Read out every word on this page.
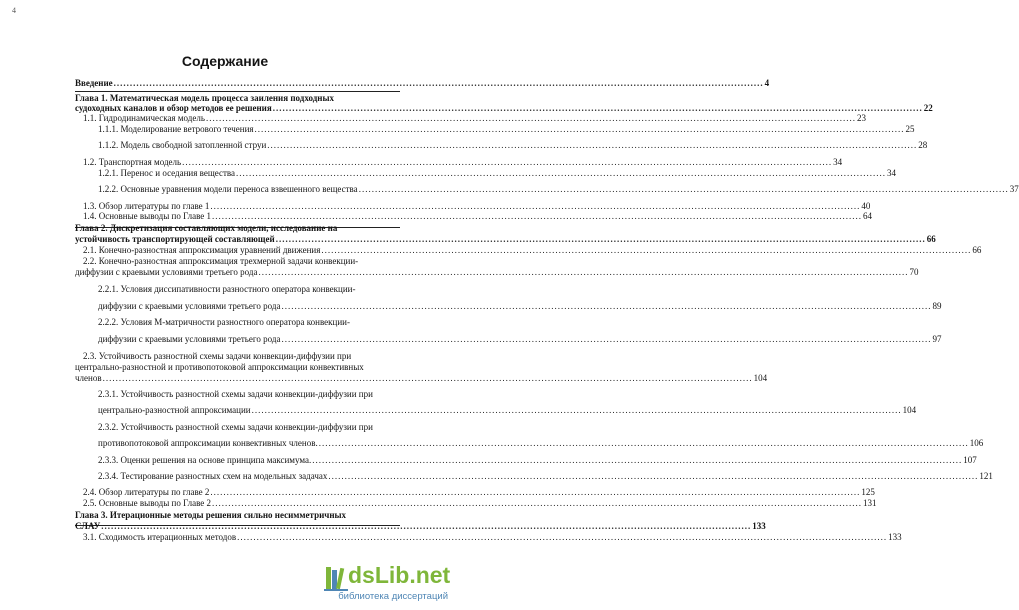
4
Содержание
Введение ........................................................................................................................................................................................................ 4
Глава 1. Математическая модель процесса заиления подходных
судоходных каналов и обзор методов ее решения ........................................................................................................................................................................................................ 22
1.1. Гидродинамическая модель ........................................................................................................................................................................................................ 23
1.1.1. Моделирование ветрового течения ........................................................................................................................................................................................................ 25
1.1.2. Модель свободной затопленной струи ........................................................................................................................................................................................................ 28
1.2. Транспортная модель ........................................................................................................................................................................................................ 34
1.2.1. Перенос и оседания вещества ........................................................................................................................................................................................................ 34
1.2.2. Основные уравнения модели переноса взвешенного вещества ........................................................................................................................................................................................................ 37
1.3. Обзор литературы по главе 1 ........................................................................................................................................................................................................ 40
1.4. Основные выводы по Главе 1 ........................................................................................................................................................................................................ 64
Глава 2. Дискретизация составляющих модели, исследование на
устойчивость транспортирующей составляющей ........................................................................................................................................................................................................ 66
2.1. Конечно-разностная аппроксимация уравнений движения ........................................................................................................................................................................................................ 66
2.2. Конечно-разностная аппроксимация трехмерной задачи конвекции-
диффузии с краевыми условиями третьего рода ........................................................................................................................................................................................................ 70
2.2.1. Условия диссипативности разностного оператора конвекции-
диффузии с краевыми условиями третьего рода ........................................................................................................................................................................................................ 89
2.2.2. Условия М-матричности разностного оператора конвекции-
диффузии с краевыми условиями третьего рода ........................................................................................................................................................................................................ 97
2.3. Устойчивость разностной схемы задачи конвекции-диффузии при
центрально-разностной и противопотоковой аппроксимации конвективных
членов ........................................................................................................................................................................................................ 104
2.3.1. Устойчивость разностной схемы задачи конвекции-диффузии при
центрально-разностной аппроксимации ........................................................................................................................................................................................................ 104
2.3.2. Устойчивость разностной схемы задачи конвекции-диффузии при
противопотоковой аппроксимации конвективных членов. ........................................................................................................................................................................................................ 106
2.3.3. Оценки решения на основе принципа максимума. ........................................................................................................................................................................................................ 107
2.3.4. Тестирование разностных схем на модельных задачах ........................................................................................................................................................................................................ 121
2.4. Обзор литературы по главе 2 ........................................................................................................................................................................................................ 125
2.5. Основные выводы по Главе 2 ........................................................................................................................................................................................................ 131
Глава 3. Итерационные методы решения сильно несимметричных
СЛАУ ........................................................................................................................................................................................................ 133
3.1. Сходимость итерационных методов ........................................................................................................................................................................................................ 133
dsLib.net
библиотека диссертаций
